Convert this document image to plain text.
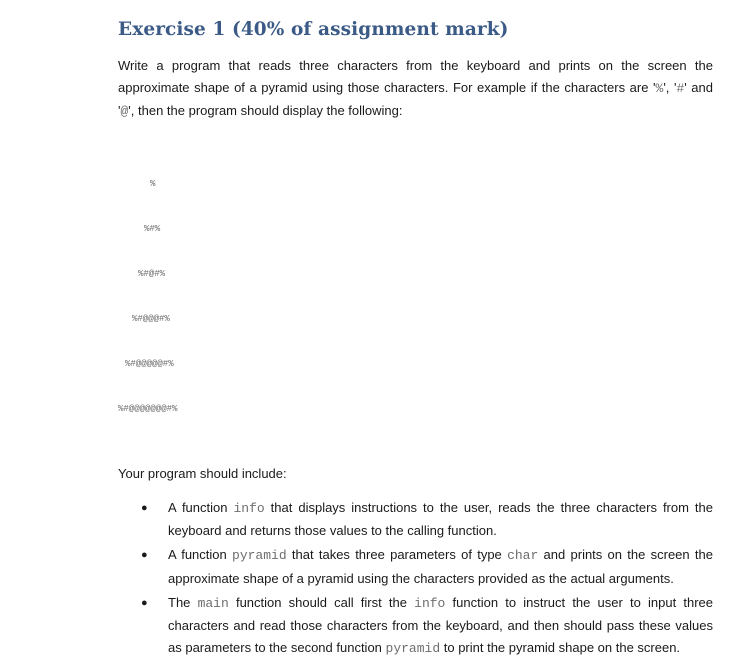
Exercise 1 (40% of assignment mark)

Write a program that reads three characters from the keyboard and prints on the screen the approximate shape of a pyramid using those characters. For example if the characters are '%', '#' and '@', then the program should display the following:

%

%#%

%#@#%

%#@@@#%

%#@@@@@#%

%#@@@@@@@#%

Your program should include:

● A function info that displays instructions to the user, reads the three characters from the keyboard and returns those values to the calling function.
● A function pyramid that takes three parameters of type char and prints on the screen the approximate shape of a pyramid using the characters provided as the actual arguments.
● The main function should call first the info function to instruct the user to input three characters and read those characters from the keyboard, and then should pass these values as parameters to the second function pyramid to print the pyramid shape on the screen.
